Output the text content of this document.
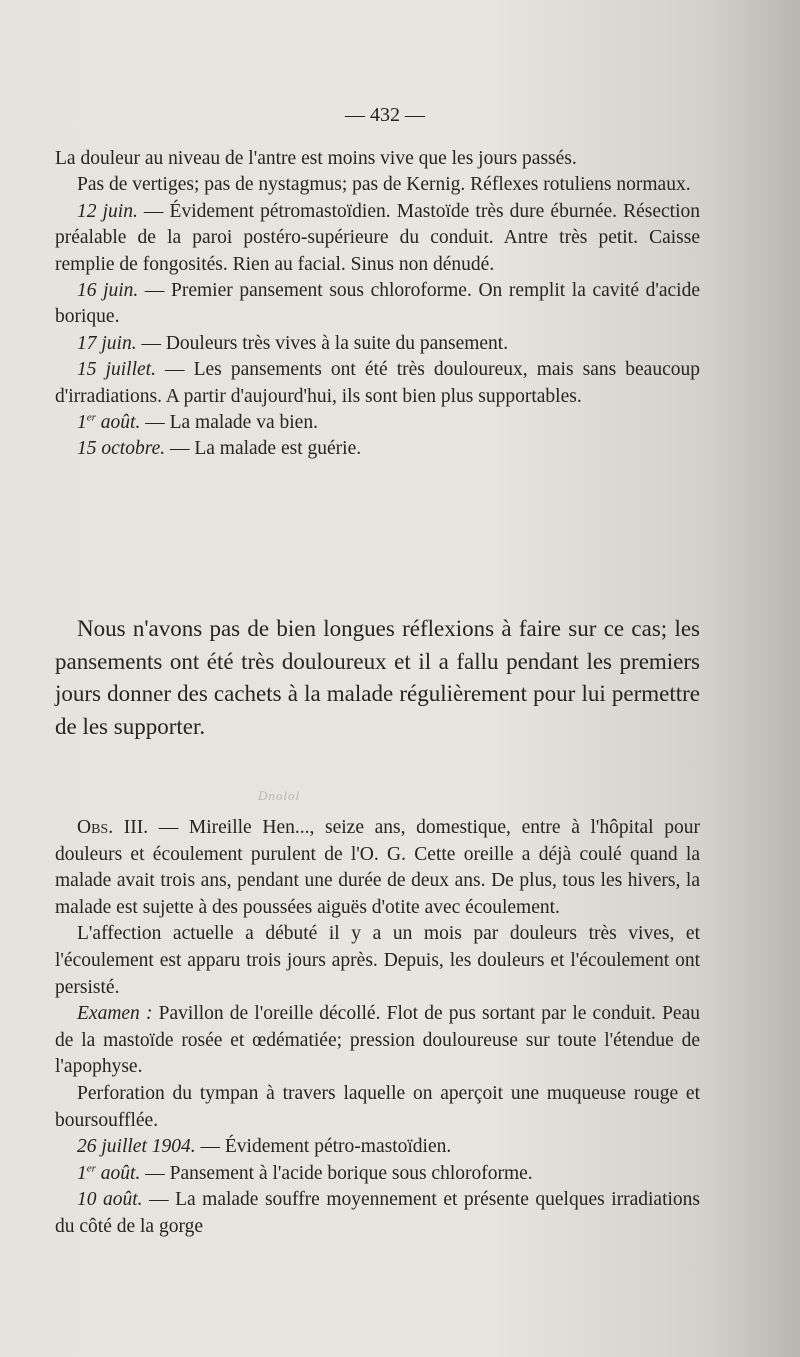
— 432 —

La douleur au niveau de l'antre est moins vive que les jours passés.

Pas de vertiges; pas de nystagmus; pas de Kernig. Réflexes rotuliens normaux.

12 juin. — Évidement pétromastoïdien. Mastoïde très dure éburnée. Résection préalable de la paroi postéro-supérieure du conduit. Antre très petit. Caisse remplie de fongosités. Rien au facial. Sinus non dénudé.

16 juin. — Premier pansement sous chloroforme. On remplit la cavité d'acide borique.

17 juin. — Douleurs très vives à la suite du pansement.

15 juillet. — Les pansements ont été très douloureux, mais sans beaucoup d'irradiations. A partir d'aujourd'hui, ils sont bien plus supportables.

1er août. — La malade va bien.

15 octobre. — La malade est guérie.

Nous n'avons pas de bien longues réflexions à faire sur ce cas; les pansements ont été très douloureux et il a fallu pendant les premiers jours donner des cachets à la malade régulièrement pour lui permettre de les supporter.

Dnolol

Obs. III. — Mireille Hen..., seize ans, domestique, entre à l'hôpital pour douleurs et écoulement purulent de l'O. G. Cette oreille a déjà coulé quand la malade avait trois ans, pendant une durée de deux ans. De plus, tous les hivers, la malade est sujette à des poussées aiguës d'otite avec écoulement.

L'affection actuelle a débuté il y a un mois par douleurs très vives, et l'écoulement est apparu trois jours après. Depuis, les douleurs et l'écoulement ont persisté.

Examen : Pavillon de l'oreille décollé. Flot de pus sortant par le conduit. Peau de la mastoïde rosée et œdématiée; pression douloureuse sur toute l'étendue de l'apophyse.

Perforation du tympan à travers laquelle on aperçoit une muqueuse rouge et boursoufflée.

26 juillet 1904. — Évidement pétro-mastoïdien.

1er août. — Pansement à l'acide borique sous chloroforme.

10 août. — La malade souffre moyennement et présente quelques irradiations du côté de la gorge
